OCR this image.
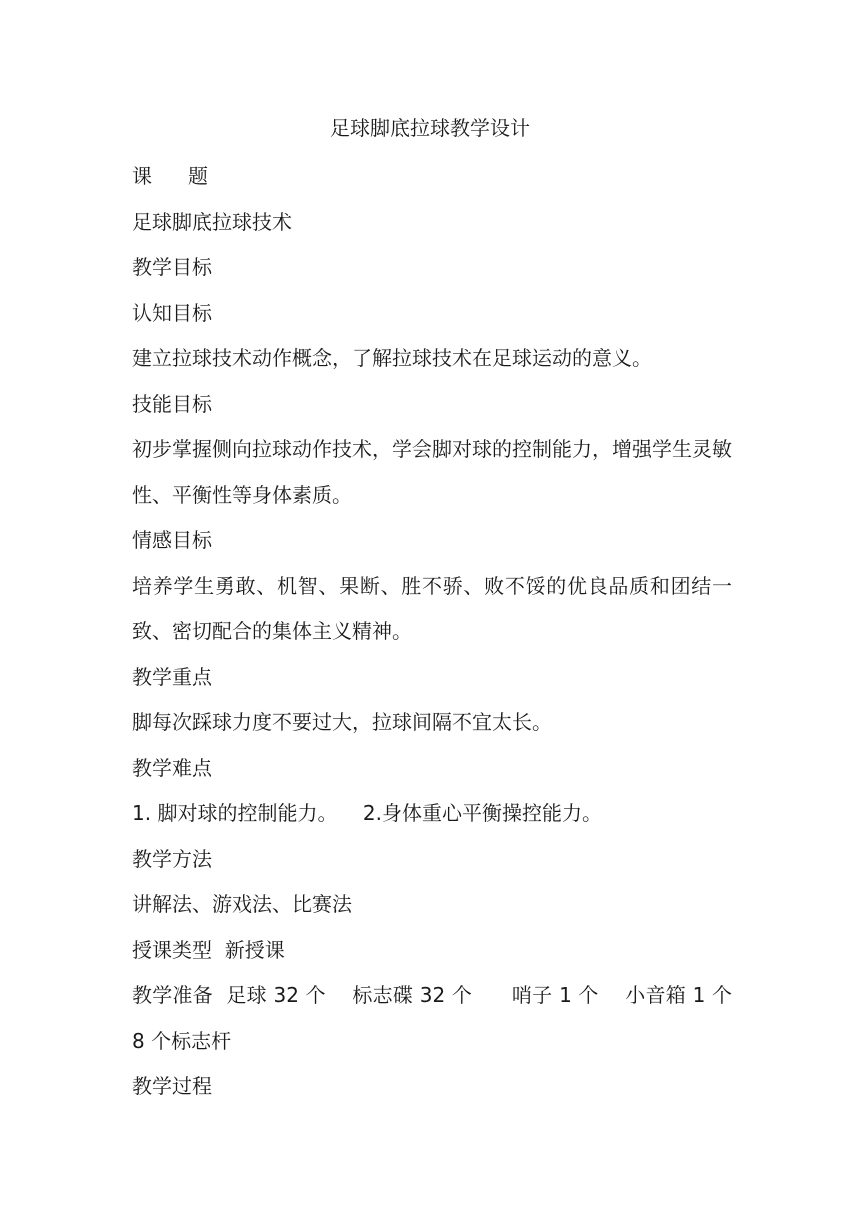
足球脚底拉球教学设计

课 题

足球脚底拉球技术

教学目标

认知目标

建立拉球技术动作概念，了解拉球技术在足球运动的意义。

技能目标

初步掌握侧向拉球动作技术，学会脚对球的控制能力，增强学生灵敏性、平衡性等身体素质。

情感目标

培养学生勇敢、机智、果断、胜不骄、败不馁的优良品质和团结一致、密切配合的集体主义精神。

教学重点

脚每次踩球力度不要过大，拉球间隔不宜太长。

教学难点

1. 脚对球的控制能力。    2.身体重心平衡操控能力。

教学方法

讲解法、游戏法、比赛法

授课类型  新授课

教学准备  足球 32 个    标志碟 32 个      哨子 1 个    小音箱 1 个    8 个标志杆

教学过程
